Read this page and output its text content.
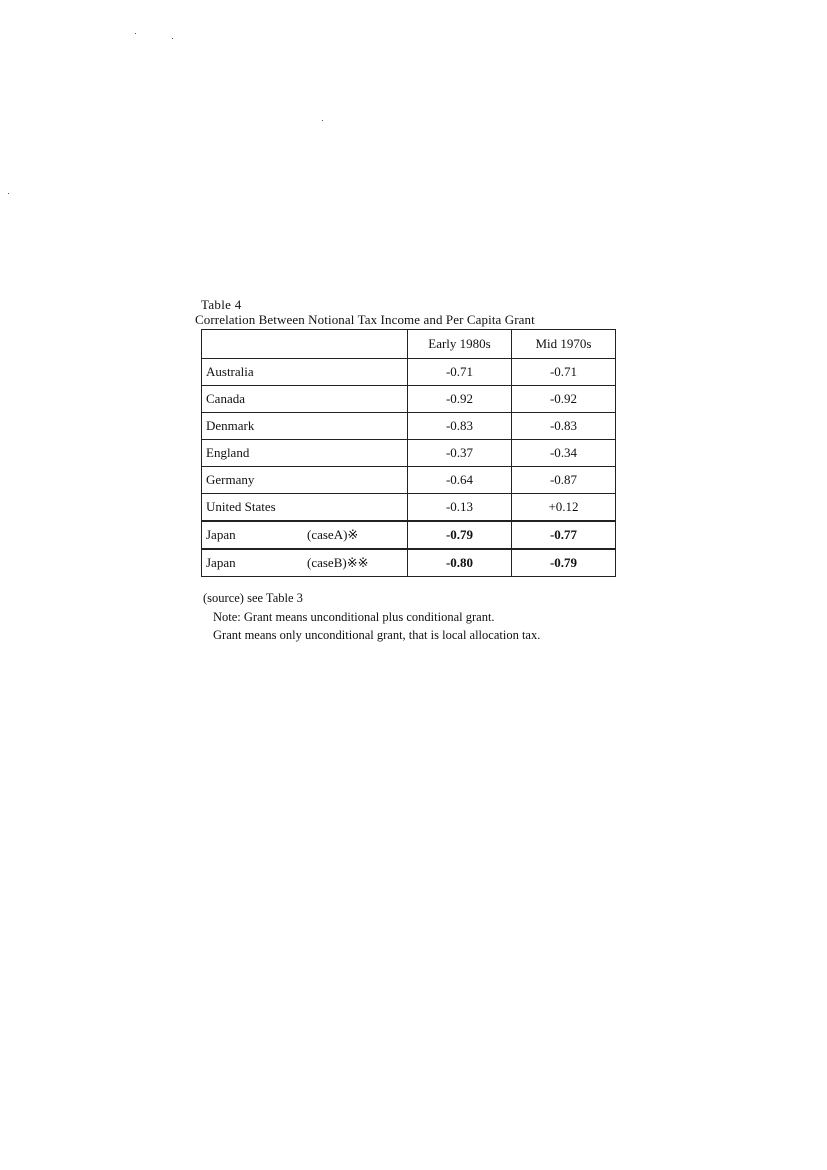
Table 4
Correlation Between Notional Tax Income and Per Capita Grant
	Early 1980s	Mid 1970s
Australia	-0.71	-0.71
Canada	-0.92	-0.92
Denmark	-0.83	-0.83
England	-0.37	-0.34
Germany	-0.64	-0.87
United States	-0.13	+0.12
Japan (caseA)※	-0.79	-0.77
Japan (caseB)※※	-0.80	-0.79
(source) see Table 3
Note: Grant means unconditional plus conditional grant.
Grant means only unconditional grant, that is local allocation tax.
